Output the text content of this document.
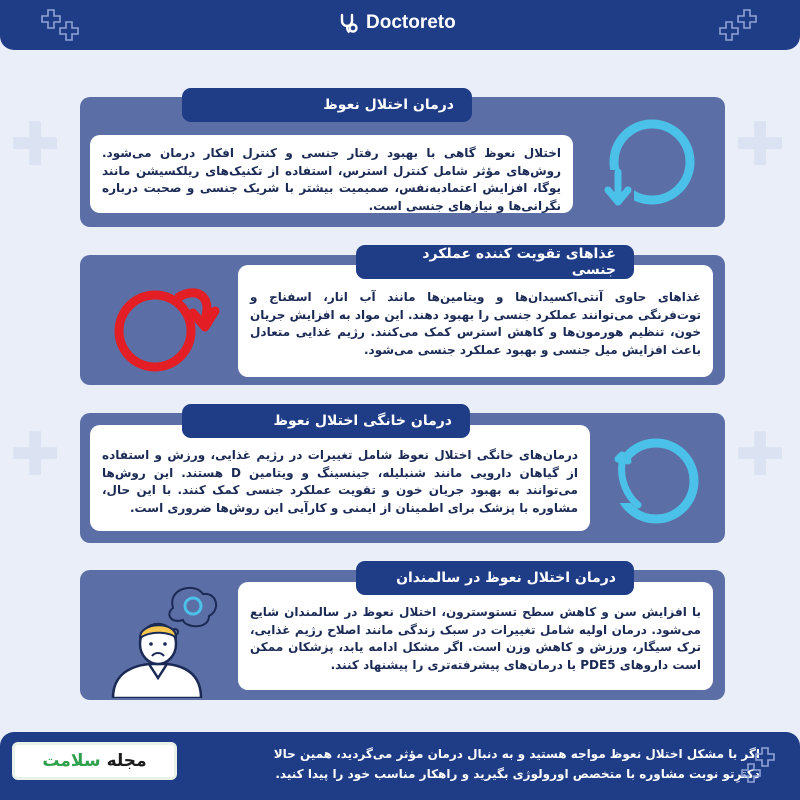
✚	✚
✚	✚
Doctoreto
اختلال نعوظ گاهی با بهبود رفتار جنسی و کنترل افکار درمان می‌شود. روش‌های مؤثر شامل کنترل استرس، استفاده از تکنیک‌های ریلکسیشن مانند یوگا، افزایش اعتمادبه‌نفس، صمیمیت بیشتر با شریک جنسی و صحبت درباره نگرانی‌ها و نیازهای جنسی است.
درمان اختلال نعوظ
غذاهای حاوی آنتی‌اکسیدان‌ها و ویتامین‌ها مانند آب انار، اسفناج و توت‌فرنگی می‌توانند عملکرد جنسی را بهبود دهند. این مواد به افزایش جریان خون، تنظیم هورمون‌ها و کاهش استرس کمک می‌کنند. رژیم غذایی متعادل باعث افزایش میل جنسی و بهبود عملکرد جنسی می‌شود.
غذاهای تقویت کننده عملکرد جنسی
درمان‌های خانگی اختلال نعوظ شامل تغییرات در رژیم غذایی، ورزش و استفاده از گیاهان دارویی مانند شنبلیله، جینسینگ و ویتامین D هستند. این روش‌ها می‌توانند به بهبود جریان خون و تقویت عملکرد جنسی کمک کنند. با این حال، مشاوره با پزشک برای اطمینان از ایمنی و کارآیی این روش‌ها ضروری است.
درمان خانگی اختلال نعوظ
با افزایش سن و کاهش سطح تستوسترون، اختلال نعوظ در سالمندان شایع می‌شود. درمان اولیه شامل تغییرات در سبک زندگی مانند اصلاح رژیم غذایی، ترک سیگار، ورزش و کاهش وزن است. اگر مشکل ادامه یابد، پزشکان ممکن است داروهای PDE5 یا درمان‌های پیشرفته‌تری را پیشنهاد کنند.
درمان اختلال نعوظ در سالمندان
اگر با مشکل اختلال نعوظ مواجه هستید و به دنبال درمان مؤثر می‌گردید، همین حالا
دکترِتو نوبت مشاوره با متخصص اورولوژی بگیرید و راهکار مناسب خود را پیدا کنید.
مجله
سلامت
